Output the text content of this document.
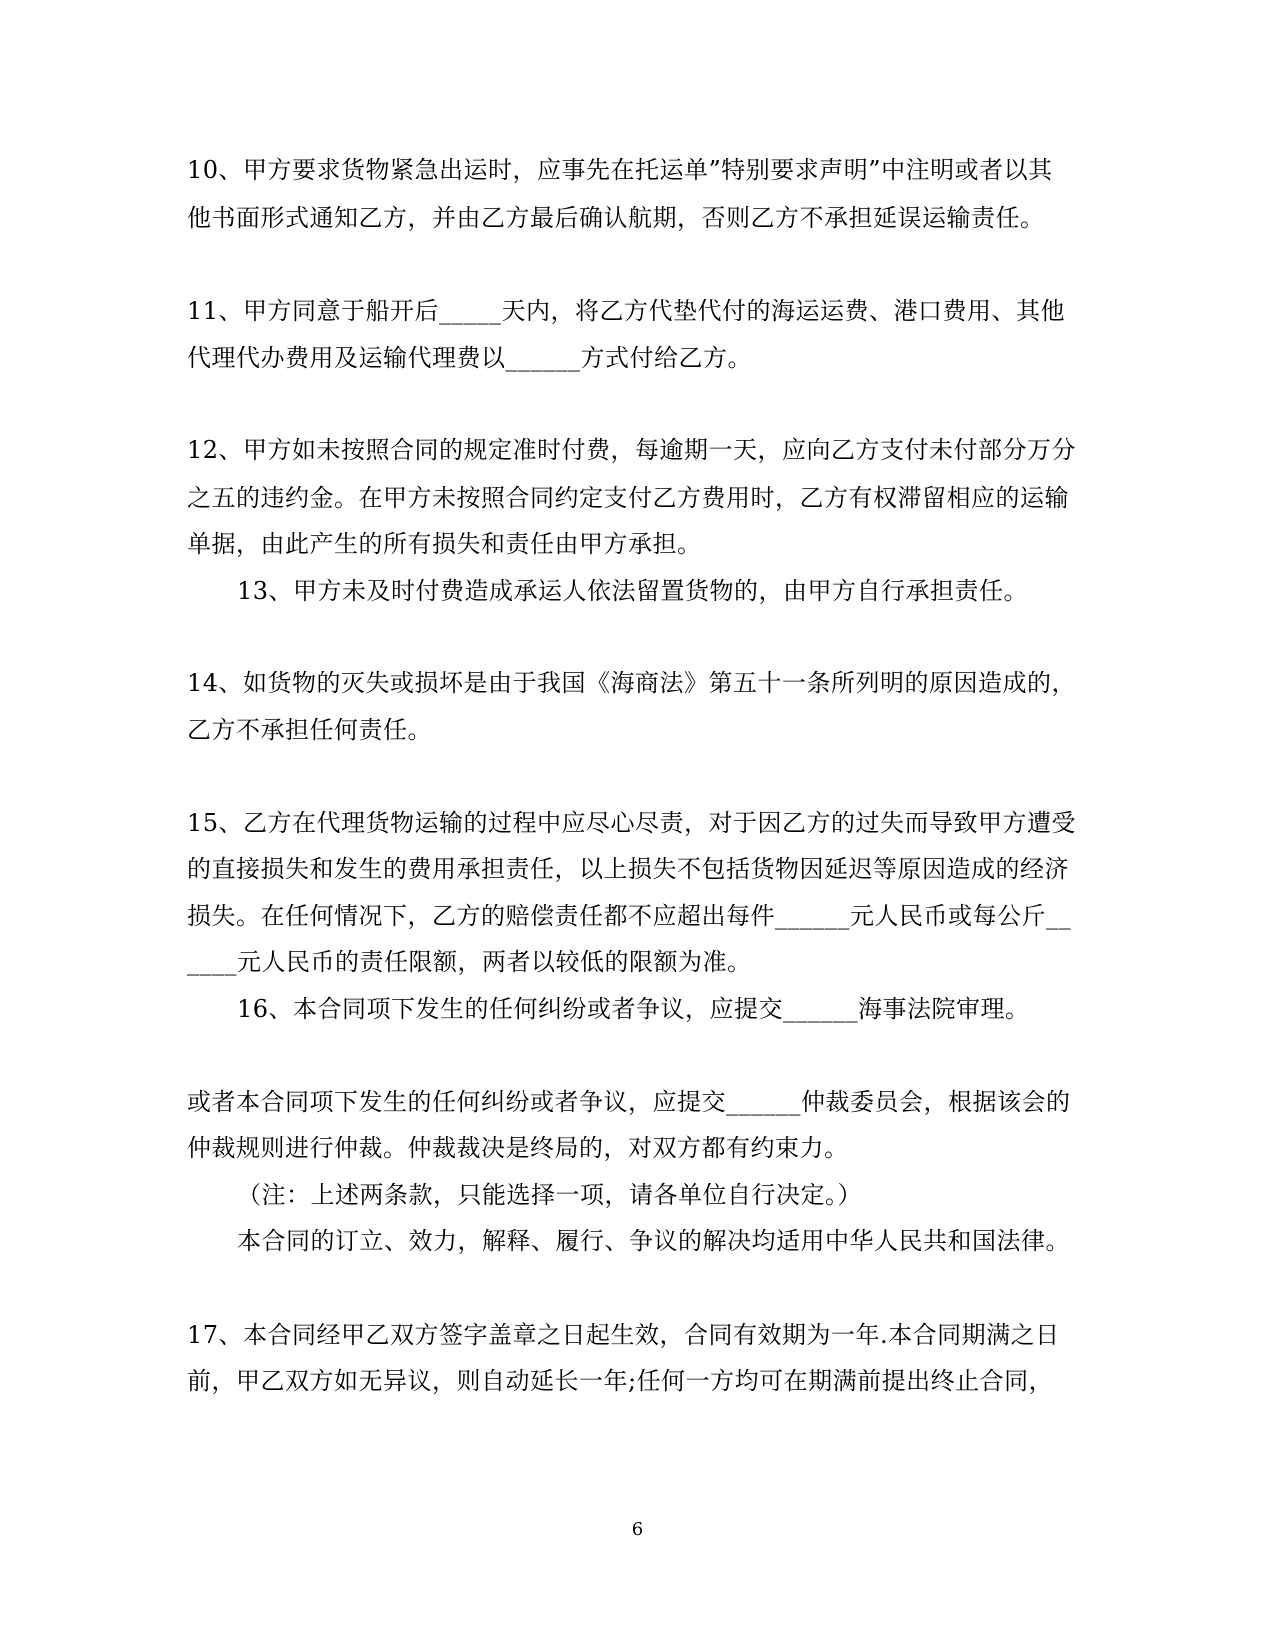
10、甲方要求货物紧急出运时，应事先在托运单”特别要求声明”中注明或者以其
他书面形式通知乙方，并由乙方最后确认航期，否则乙方不承担延误运输责任。
11、甲方同意于船开后_____天内，将乙方代垫代付的海运运费、港口费用、其他
代理代办费用及运输代理费以______方式付给乙方。
12、甲方如未按照合同的规定准时付费，每逾期一天，应向乙方支付未付部分万分
之五的违约金。在甲方未按照合同约定支付乙方费用时，乙方有权滞留相应的运输
单据，由此产生的所有损失和责任由甲方承担。
13、甲方未及时付费造成承运人依法留置货物的，由甲方自行承担责任。
14、如货物的灭失或损坏是由于我国《海商法》第五十一条所列明的原因造成的，
乙方不承担任何责任。
15、乙方在代理货物运输的过程中应尽心尽责，对于因乙方的过失而导致甲方遭受
的直接损失和发生的费用承担责任，以上损失不包括货物因延迟等原因造成的经济
损失。在任何情况下，乙方的赔偿责任都不应超出每件______元人民币或每公斤__
____元人民币的责任限额，两者以较低的限额为准。
16、本合同项下发生的任何纠纷或者争议，应提交______海事法院审理。
或者本合同项下发生的任何纠纷或者争议，应提交______仲裁委员会，根据该会的
仲裁规则进行仲裁。仲裁裁决是终局的，对双方都有约束力。
（注：上述两条款，只能选择一项，请各单位自行决定。）
本合同的订立、效力，解释、履行、争议的解决均适用中华人民共和国法律。
17、本合同经甲乙双方签字盖章之日起生效，合同有效期为一年.本合同期满之日
前，甲乙双方如无异议，则自动延长一年;任何一方均可在期满前提出终止合同，
6
